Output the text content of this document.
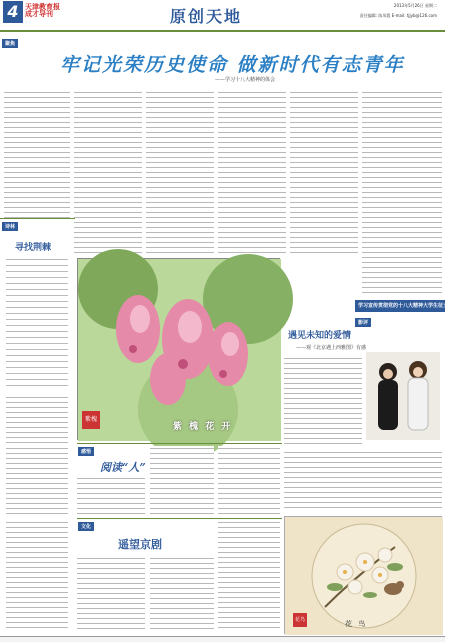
4 天津教育报
成才导刊	原创天地
2013年5月26日 星期二
责任编辑: 陈凤霞 E-mail: tjjyb@126.com
聚焦
牢记光荣历史使命 做新时代有志青年
——学习十八大精神的体会
学习宣传贯彻党的十八大精神大学生征文选登
诗林
寻找荆棘
紫槐
紫 槐 花 开
影评
遇见未知的爱情
——观《北京遇上西雅图》有感
感悟
阅读“人”
文化
遥望京剧
花鸟	花 鸟
